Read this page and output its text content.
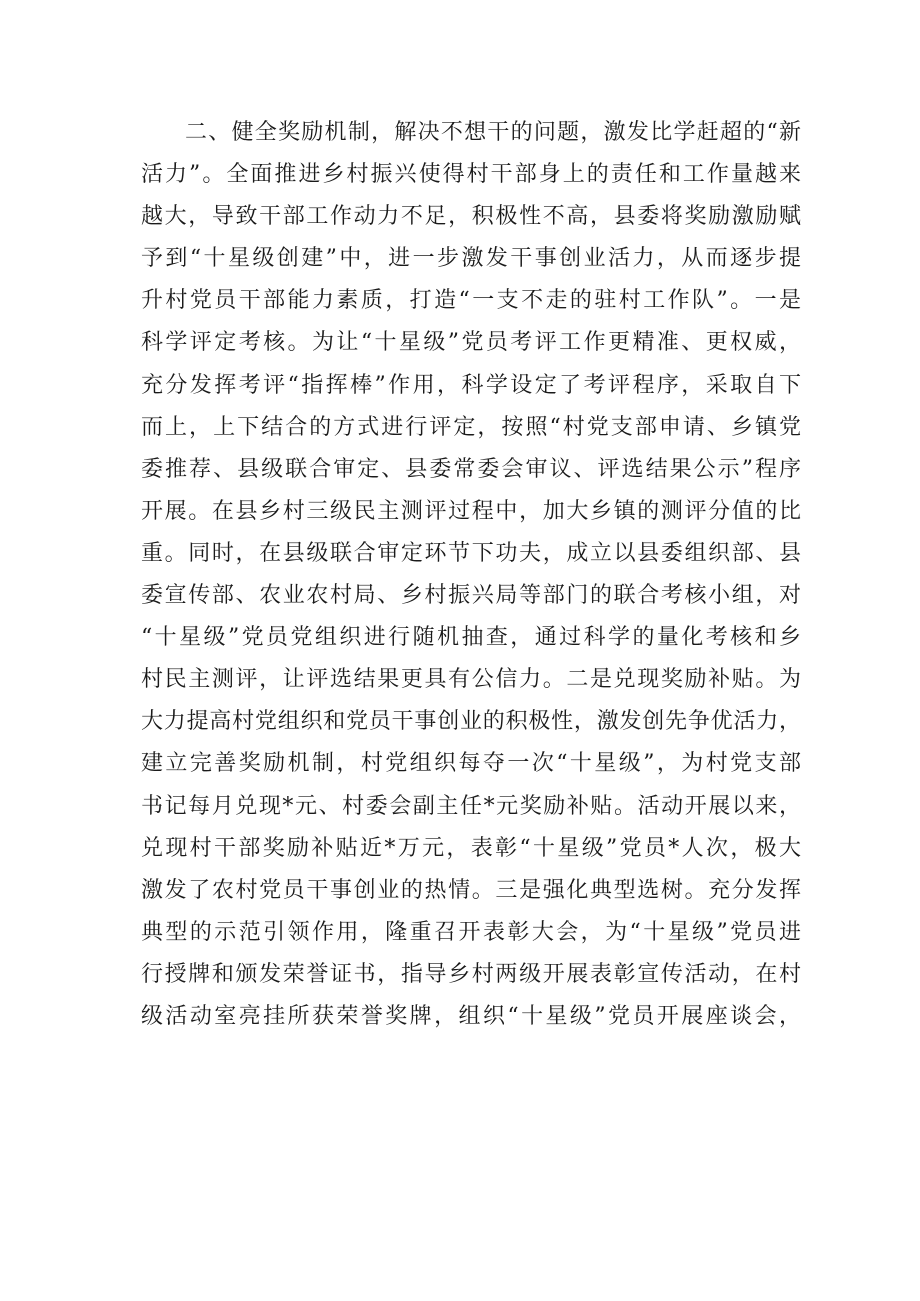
二、健全奖励机制，解决不想干的问题，激发比学赶超的“新
活力”。全面推进乡村振兴使得村干部身上的责任和工作量越来
越大，导致干部工作动力不足，积极性不高，县委将奖励激励赋
予到“十星级创建”中，进一步激发干事创业活力，从而逐步提
升村党员干部能力素质，打造“一支不走的驻村工作队”。一是
科学评定考核。为让“十星级”党员考评工作更精准、更权威，
充分发挥考评“指挥棒”作用，科学设定了考评程序，采取自下
而上，上下结合的方式进行评定，按照“村党支部申请、乡镇党
委推荐、县级联合审定、县委常委会审议、评选结果公示”程序
开展。在县乡村三级民主测评过程中，加大乡镇的测评分值的比
重。同时，在县级联合审定环节下功夫，成立以县委组织部、县
委宣传部、农业农村局、乡村振兴局等部门的联合考核小组，对
“十星级”党员党组织进行随机抽查，通过科学的量化考核和乡
村民主测评，让评选结果更具有公信力。二是兑现奖励补贴。为
大力提高村党组织和党员干事创业的积极性，激发创先争优活力，
建立完善奖励机制，村党组织每夺一次“十星级”，为村党支部
书记每月兑现*元、村委会副主任*元奖励补贴。活动开展以来，
兑现村干部奖励补贴近*万元，表彰“十星级”党员*人次，极大
激发了农村党员干事创业的热情。三是强化典型选树。充分发挥
典型的示范引领作用，隆重召开表彰大会，为“十星级”党员进
行授牌和颁发荣誉证书，指导乡村两级开展表彰宣传活动，在村
级活动室亮挂所获荣誉奖牌，组织“十星级”党员开展座谈会，
